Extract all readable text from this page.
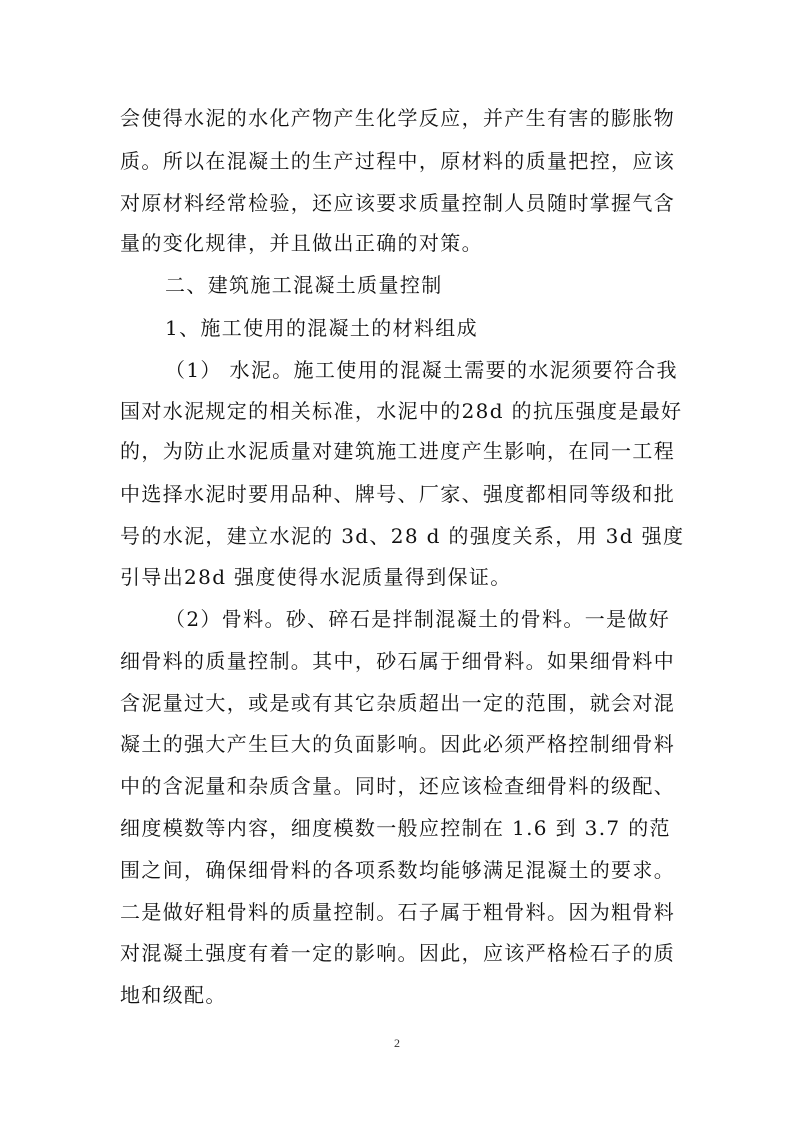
会使得水泥的水化产物产生化学反应，并产生有害的膨胀物
质。所以在混凝土的生产过程中，原材料的质量把控，应该
对原材料经常检验，还应该要求质量控制人员随时掌握气含
量的变化规律，并且做出正确的对策。
二、建筑施工混凝土质量控制
1、施工使用的混凝土的材料组成
（1） 水泥。施工使用的混凝土需要的水泥须要符合我
国对水泥规定的相关标准，水泥中的28d 的抗压强度是最好
的，为防止水泥质量对建筑施工进度产生影响，在同一工程
中选择水泥时要用品种、牌号、厂家、强度都相同等级和批
号的水泥，建立水泥的 3d、28 d 的强度关系，用 3d 强度
引导出28d 强度使得水泥质量得到保证。
（2）骨料。砂、碎石是拌制混凝土的骨料。一是做好
细骨料的质量控制。其中，砂石属于细骨料。如果细骨料中
含泥量过大，或是或有其它杂质超出一定的范围，就会对混
凝土的强大产生巨大的负面影响。因此必须严格控制细骨料
中的含泥量和杂质含量。同时，还应该检查细骨料的级配、
细度模数等内容，细度模数一般应控制在 1.6 到 3.7 的范
围之间，确保细骨料的各项系数均能够满足混凝土的要求。
二是做好粗骨料的质量控制。石子属于粗骨料。因为粗骨料
对混凝土强度有着一定的影响。因此，应该严格检石子的质
地和级配。
2
